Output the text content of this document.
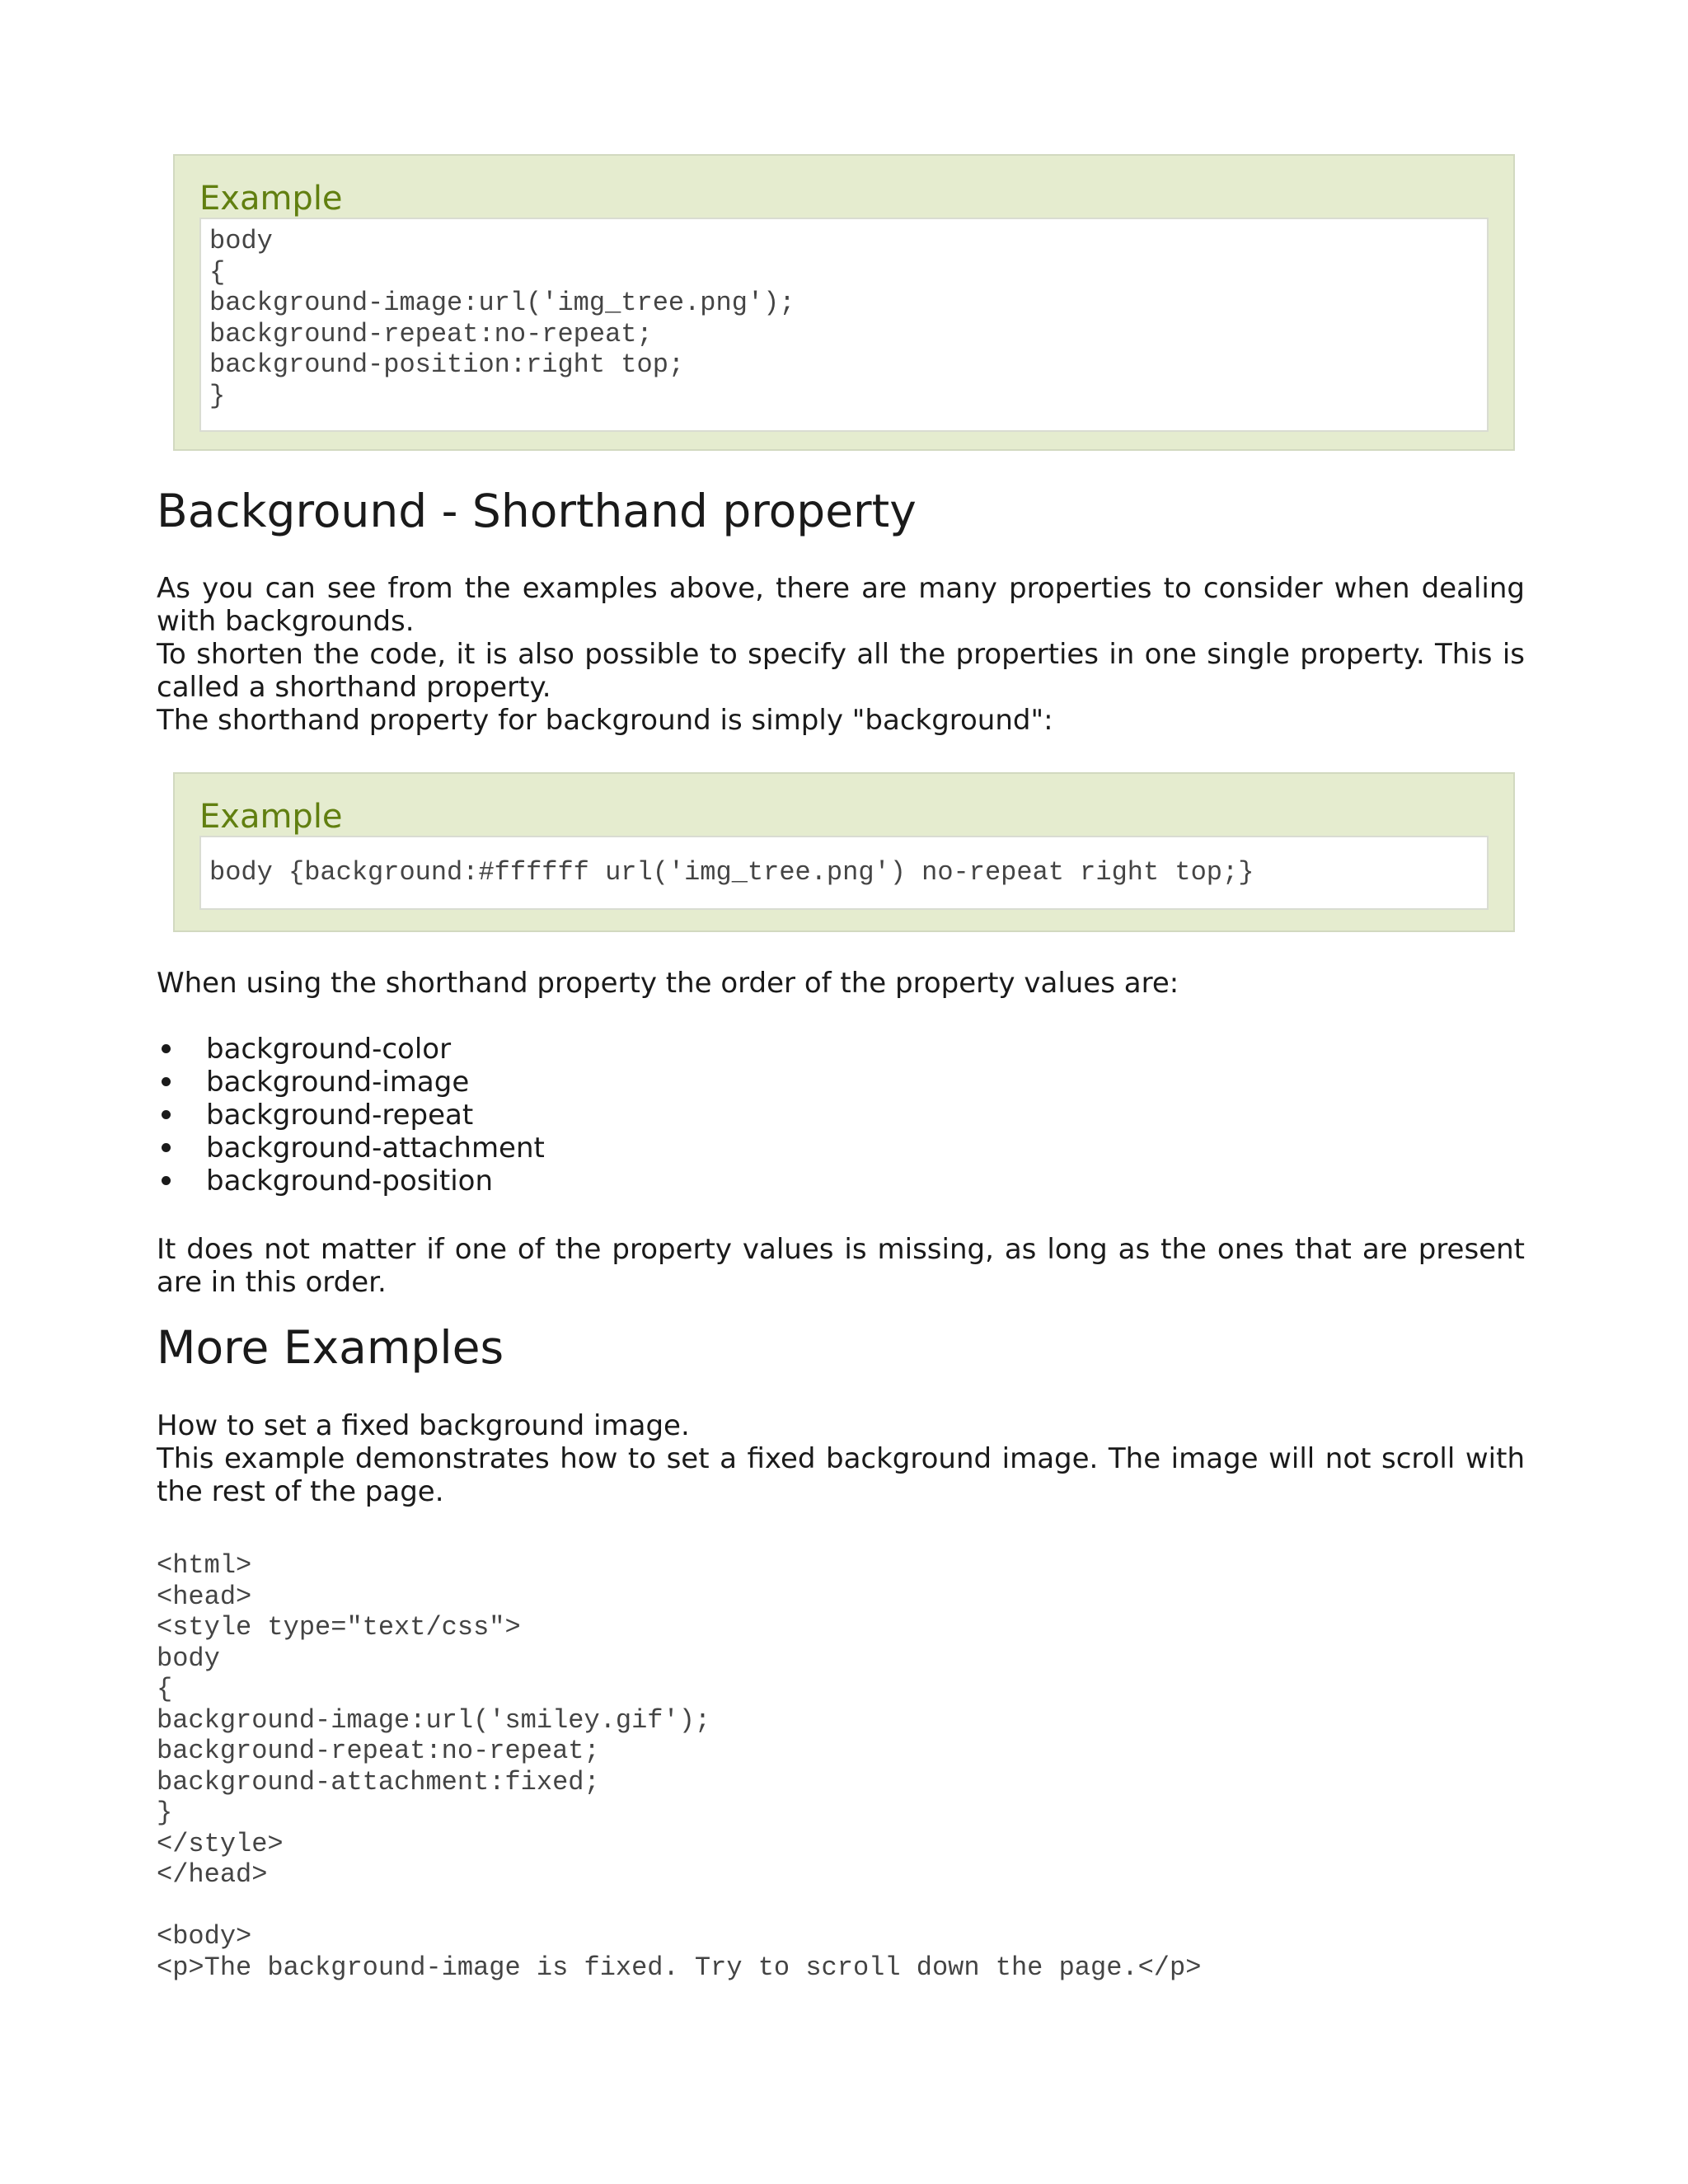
Example
body
{
background-image:url('img_tree.png');
background-repeat:no-repeat;
background-position:right top;
}
Background - Shorthand property
As you can see from the examples above, there are many properties to consider when dealing
with backgrounds.
To shorten the code, it is also possible to specify all the properties in one single property. This is
called a shorthand property.
The shorthand property for background is simply "background":
Example
body {background:#ffffff url('img_tree.png') no-repeat right top;}
When using the shorthand property the order of the property values are:
background-color
background-image
background-repeat
background-attachment
background-position
It does not matter if one of the property values is missing, as long as the ones that are present
are in this order.
More Examples
How to set a fixed background image.
This example demonstrates how to set a fixed background image. The image will not scroll with
the rest of the page.
<html>
<head>
<style type="text/css">
body
{
background-image:url('smiley.gif');
background-repeat:no-repeat;
background-attachment:fixed;
}
</style>
</head>
<body>
<p>The background-image is fixed. Try to scroll down the page.</p>
